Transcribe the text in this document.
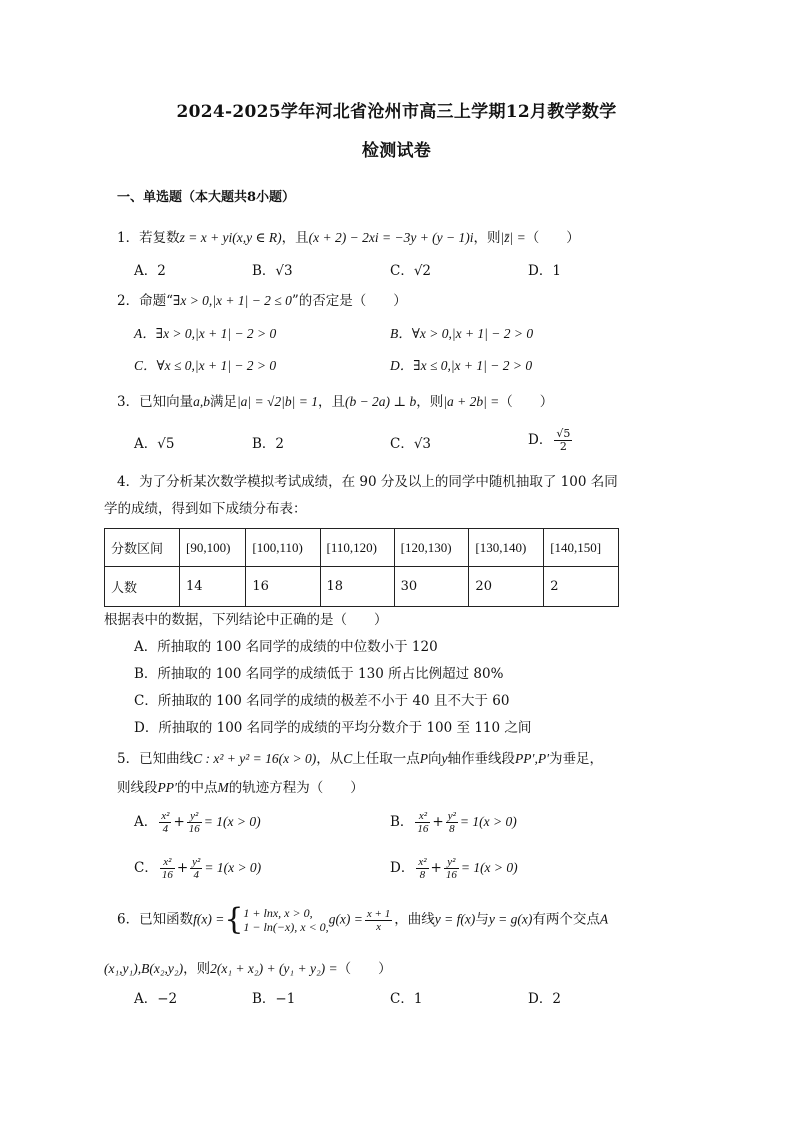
2024-2025学年河北省沧州市高三上学期12月教学数学
检测试卷
一、单选题（本大题共8小题）
1．若复数z = x + yi(x,y ∈ R)，且(x + 2) − 2xi = −3y + (y − 1)i，则|z̄| =（　　）
A．2	B．√3	C．√2	D．1
2．命题“∃x > 0,|x + 1| − 2 ≤ 0”的否定是（　　）
A．∃x > 0,|x + 1| − 2 > 0	B．∀x > 0,|x + 1| − 2 > 0
C．∀x ≤ 0,|x + 1| − 2 > 0	D．∃x ≤ 0,|x + 1| − 2 > 0
3．已知向量a,b满足|a| = √2|b| = 1，且(b − 2a) ⊥ b，则|a + 2b| =（　　）
A．√5	B．2	C．√3	D． $\frac{√5}{2}$
4．为了分析某次数学模拟考试成绩，在 90 分及以上的同学中随机抽取了 100 名同
学的成绩，得到如下成绩分布表：
分数区间	[90,100)	[100,110)	[110,120)	[120,130)	[130,140)	[140,150]
人数	14	16	18	30	20	2
根据表中的数据，下列结论中正确的是（　　）
A．所抽取的 100 名同学的成绩的中位数小于 120
B．所抽取的 100 名同学的成绩低于 130 所占比例超过 80%
C．所抽取的 100 名同学的成绩的极差不小于 40 且不大于 60
D．所抽取的 100 名同学的成绩的平均分数介于 100 至 110 之间
5．已知曲线C : x² + y² = 16(x > 0)，从C上任取一点P向y轴作垂线段PP′,P′为垂足，
则线段PP′的中点M的轨迹方程为（　　）
A． $\frac{\text{x²}}{4} + \frac{\text{y²}}{16} = 1(x > 0)$	B． $\frac{\text{x²}}{16} + \frac{\text{y²}}{8} = 1(x > 0)$
C． $\frac{\text{x²}}{16} + \frac{\text{y²}}{4} = 1(x > 0)$	D． $\frac{\text{x²}}{8} + \frac{\text{y²}}{16} = 1(x > 0)$
6．已知函数f(x) ={ 1 + lnx, x > 0,
1 − ln(−x), x < 0,
$g(x) = \frac{x + 1}{x}$ ，曲线y = f(x)与y = g(x)有两个交点A
(x₁,y₁),B(x₂,y₂)，则2(x₁ + x₂) + (y₁ + y₂) =（　　）
A．−2	B．−1	C．1	D．2
